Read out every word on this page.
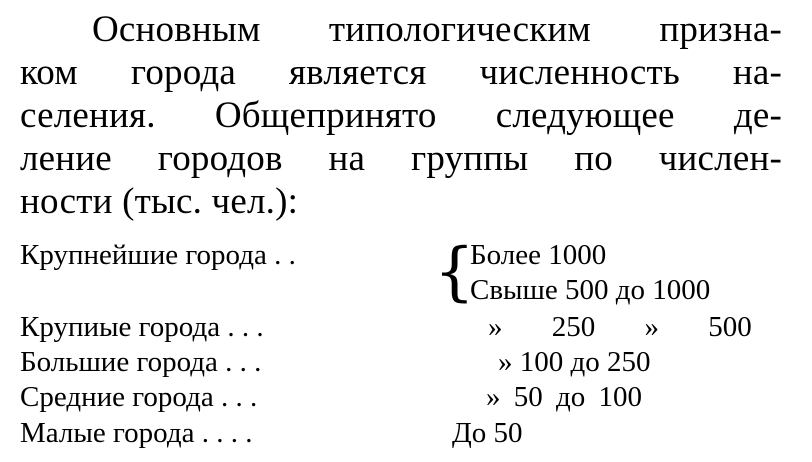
Основным типологическим призна-
ком города является численность на-
селения. Общепринято следующее де-
ление городов на группы по числен-
ности (тыс. чел.):
Крупнейшие города . .	Более 1000
Свыше 500 до 1000
Крупиые города . . .	» 250 » 500
Большие города . . .	» 100 до 250
Средние города . . .	» 50 до 100
Малые города . . . .	До 50
{
